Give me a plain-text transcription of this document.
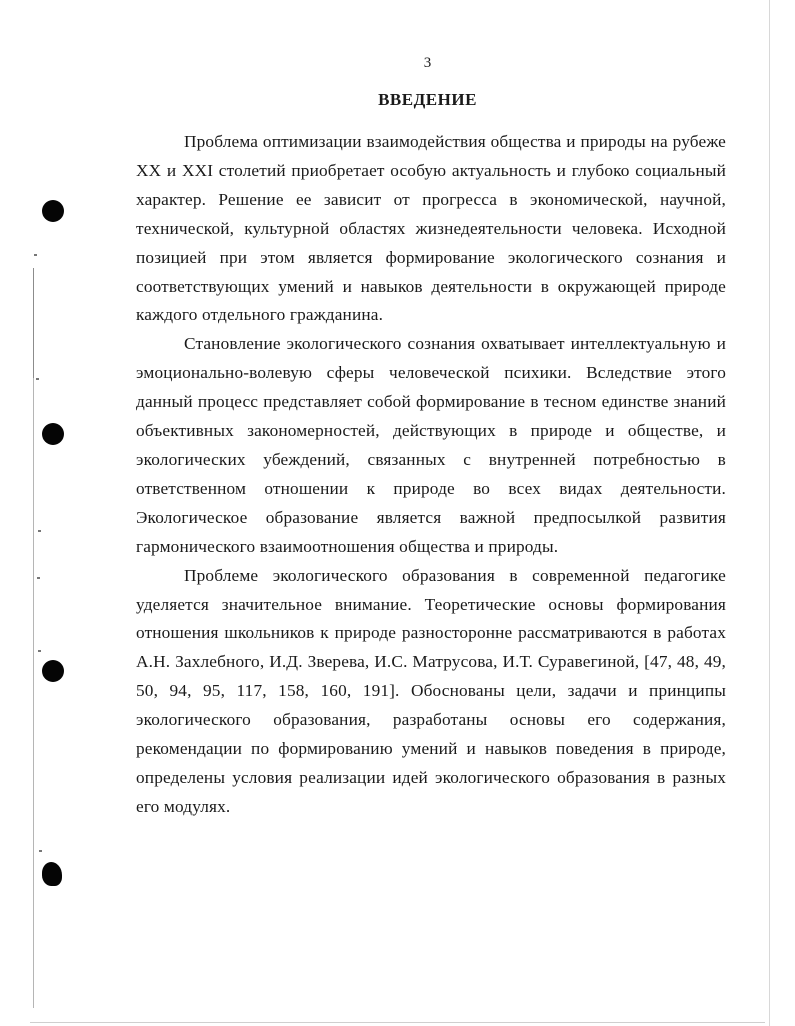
3

ВВЕДЕНИЕ

Проблема оптимизации взаимодействия общества и природы на рубеже XX и XXI столетий приобретает особую актуальность и глубоко социальный характер. Решение ее зависит от прогресса в экономической, научной, технической, культурной областях жизнедеятельности человека. Исходной позицией при этом является формирование экологического сознания и соответствующих умений и навыков деятельности в окружающей природе каждого отдельного гражданина.

Становление экологического сознания охватывает интеллектуальную и эмоционально-волевую сферы человеческой психики. Вследствие этого данный процесс представляет собой формирование в тесном единстве знаний объективных закономерностей, действующих в природе и обществе, и экологических убеждений, связанных с внутренней потребностью в ответственном отношении к природе во всех видах деятельности. Экологическое образование является важной предпосылкой развития гармонического взаимоотношения общества и природы.

Проблеме экологического образования в современной педагогике уделяется значительное внимание. Теоретические основы формирования отношения школьников к природе разносторонне рассматриваются в работах А.Н. Захлебного, И.Д. Зверева, И.С. Матрусова, И.Т. Суравегиной, [47, 48, 49, 50, 94, 95, 117, 158, 160, 191]. Обоснованы цели, задачи и принципы экологического образования, разработаны основы его содержания, рекомендации по формированию умений и навыков поведения в природе, определены условия реализации идей экологического образования в разных его модулях.
